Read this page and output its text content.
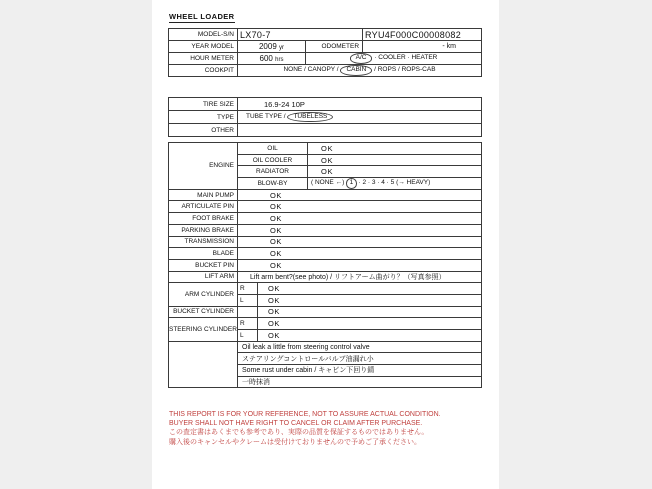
WHEEL LOADER
MODEL-S/N	LX70-7		RYU4F000C00008082
YEAR MODEL	2009 yr	ODOMETER	- km
HOUR METER	600 hrs	A/C · COOLER · HEATER	
COOKPIT	NONE / CANOPY / CABIN / ROPS / ROPS-CAB		
TIRE SIZE	16.9-24 10P
TYPE	TUBE TYPE / TUBELESS
OTHER	
ENGINE	OIL		OK
	OIL COOLER		OK
	RADIATOR		OK
	BLOW-BY		( NONE ←) 1 · 2 · 3 · 4 · 5 (→ HEAVY)
MAIN PUMP	OK		
ARTICULATE PIN	OK		
FOOT BRAKE	OK		
PARKING BRAKE	OK		
TRANSMISSION	OK		
BLADE	OK		
BUCKET PIN	OK		
LIFT ARM	Lift arm bent?(see photo) / リフトアーム曲がり？（写真参照）		
ARM CYLINDER	R	OK	
	L	OK	
BUCKET CYLINDER		OK	
STEERING CYLINDER	R	OK	
	L	OK	
	Oil leak a little from steering control valve		
	ステアリングコントロールバルブ油漏れ小		
	Some rust under cabin / キャビン下回り錆		
	一時抹消		
THIS REPORT IS FOR YOUR REFERENCE, NOT TO ASSURE ACTUAL CONDITION.
BUYER SHALL NOT HAVE RIGHT TO CANCEL OR CLAIM AFTER PURCHASE.
この査定書はあくまでも参考であり、実際の品質を保証するものではありません。
購入後のキャンセルやクレームは受付けておりませんので予めご了承ください。
